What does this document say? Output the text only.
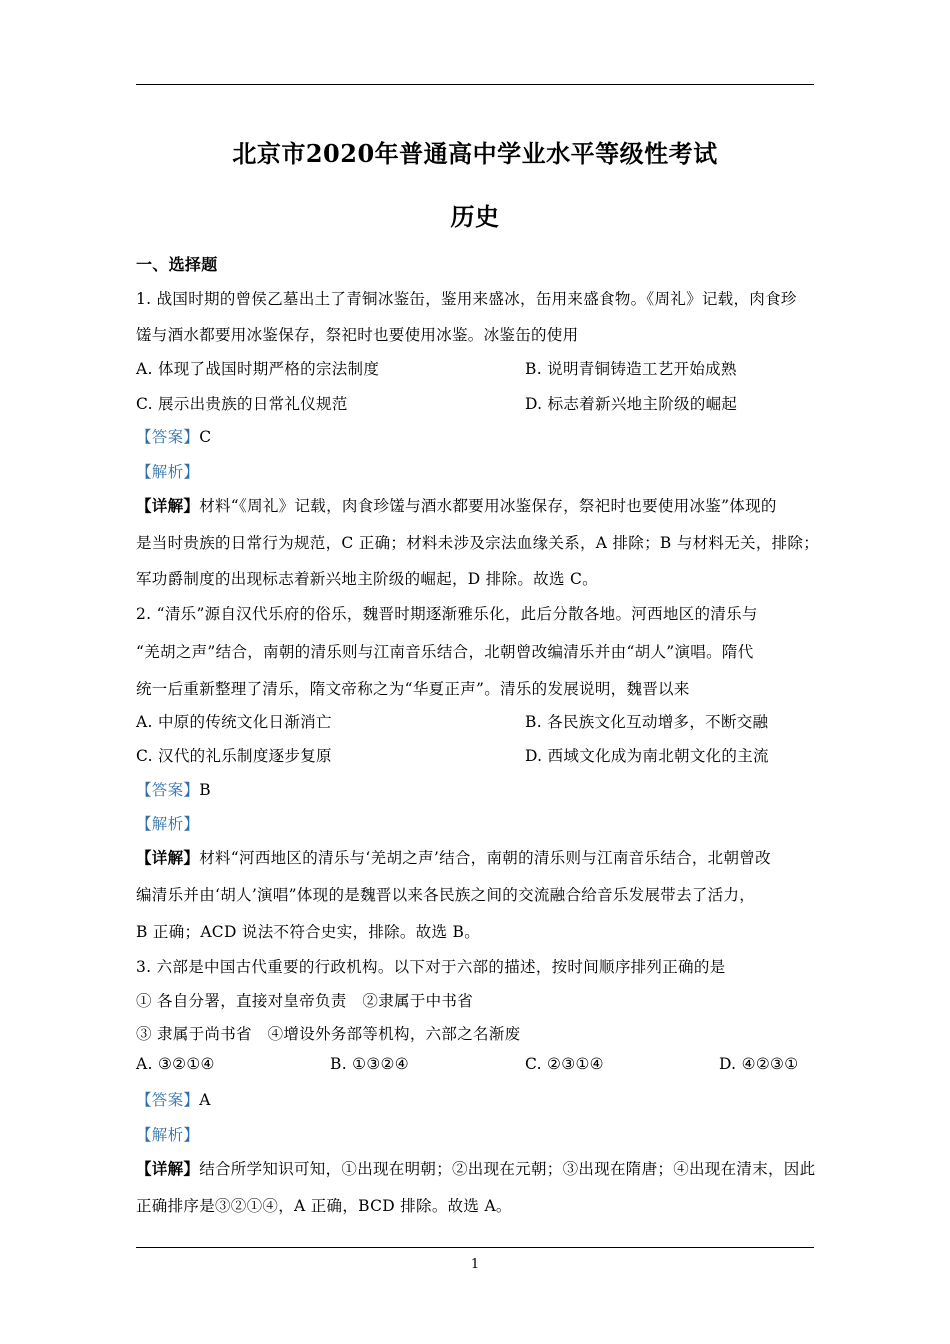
北京市2020年普通高中学业水平等级性考试
历史
一、选择题
1. 战国时期的曾侯乙墓出土了青铜冰鉴缶，鉴用来盛冰，缶用来盛食物。《周礼》记载，肉食珍
馐与酒水都要用冰鉴保存，祭祀时也要使用冰鉴。冰鉴缶的使用
A. 体现了战国时期严格的宗法制度	B. 说明青铜铸造工艺开始成熟
C. 展示出贵族的日常礼仪规范	D. 标志着新兴地主阶级的崛起
【答案】C
【解析】
【详解】材料“《周礼》记载，肉食珍馐与酒水都要用冰鉴保存，祭祀时也要使用冰鉴”体现的
是当时贵族的日常行为规范，C 正确；材料未涉及宗法血缘关系，A 排除；B 与材料无关，排除；
军功爵制度的出现标志着新兴地主阶级的崛起，D 排除。故选 C。
2. “清乐”源自汉代乐府的俗乐，魏晋时期逐渐雅乐化，此后分散各地。河西地区的清乐与
“羌胡之声”结合，南朝的清乐则与江南音乐结合，北朝曾改编清乐并由“胡人”演唱。隋代
统一后重新整理了清乐，隋文帝称之为“华夏正声”。清乐的发展说明，魏晋以来
A. 中原的传统文化日渐消亡	B. 各民族文化互动增多，不断交融
C. 汉代的礼乐制度逐步复原	D. 西域文化成为南北朝文化的主流
【答案】B
【解析】
【详解】材料“河西地区的清乐与‘羌胡之声’结合，南朝的清乐则与江南音乐结合，北朝曾改
编清乐并由‘胡人’演唱”体现的是魏晋以来各民族之间的交流融合给音乐发展带去了活力，
B 正确；ACD 说法不符合史实，排除。故选 B。
3. 六部是中国古代重要的行政机构。以下对于六部的描述，按时间顺序排列正确的是
① 各自分署，直接对皇帝负责　②隶属于中书省
③ 隶属于尚书省　④增设外务部等机构，六部之名渐废
A. ③②①④	B. ①③②④	C. ②③①④	D. ④②③①
【答案】A
【解析】
【详解】结合所学知识可知，①出现在明朝；②出现在元朝；③出现在隋唐；④出现在清末，因此
正确排序是③②①④，A 正确，BCD 排除。故选 A。
1
